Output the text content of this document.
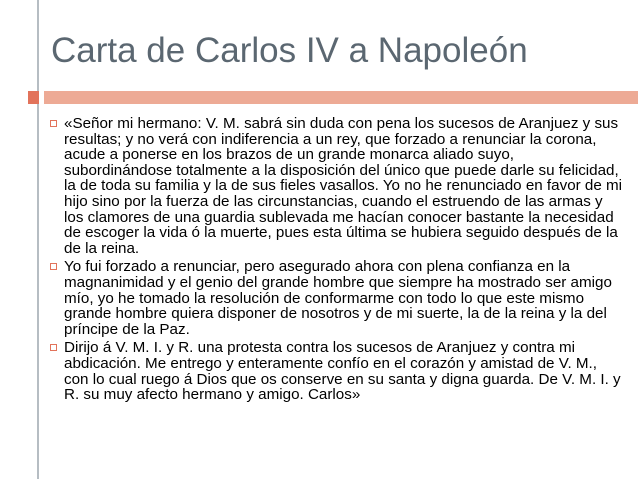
Carta de Carlos IV a Napoleón
«Señor mi hermano: V. M. sabrá sin duda con pena los sucesos de Aranjuez y sus resultas; y no verá con indiferencia a un rey, que forzado a renunciar la corona, acude a ponerse en los brazos de un grande monarca aliado suyo, subordinándose totalmente a la disposición del único que puede darle su felicidad, la de toda su familia y la de sus fieles vasallos. Yo no he renunciado en favor de mi hijo sino por la fuerza de las circunstancias, cuando el estruendo de las armas y los clamores de una guardia sublevada me hacían conocer bastante la necesidad de escoger la vida ó la muerte, pues esta última se hubiera seguido después de la de la reina.
Yo fui forzado a renunciar, pero asegurado ahora con plena confianza en la magnanimidad y el genio del grande hombre que siempre ha mostrado ser amigo mío, yo he tomado la resolución de conformarme con todo lo que este mismo grande hombre quiera disponer de nosotros y de mi suerte, la de la reina y la del príncipe de la Paz.
Dirijo á V. M. I. y R. una protesta contra los sucesos de Aranjuez y contra mi abdicación. Me entrego y enteramente confío en el corazón y amistad de V. M., con lo cual ruego á Dios que os conserve en su santa y digna guarda. De V. M. I. y R. su muy afecto hermano y amigo. Carlos»
